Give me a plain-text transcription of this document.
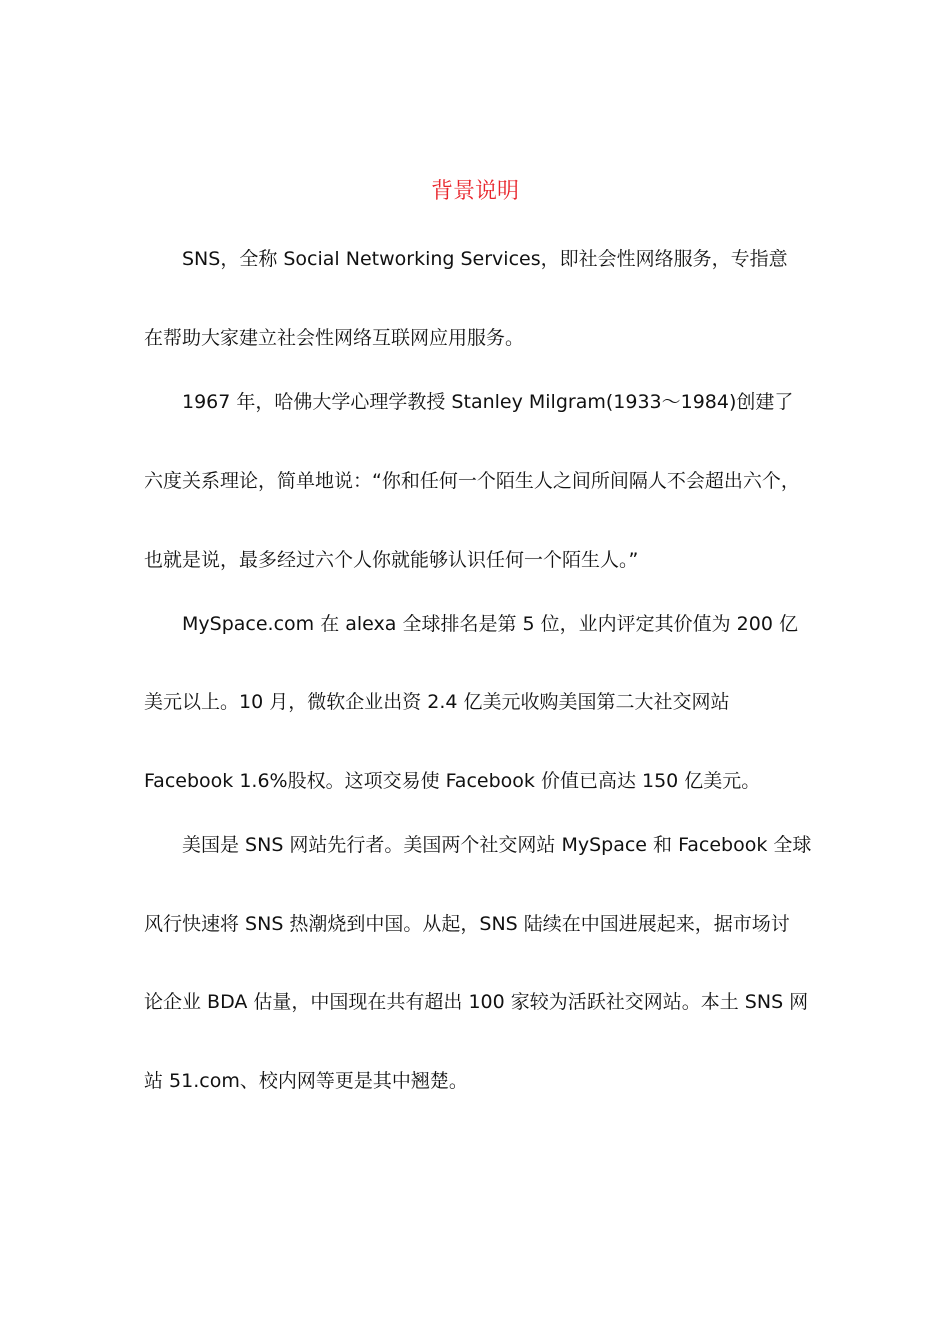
背景说明
SNS，全称 Social Networking Services，即社会性网络服务，专指意
在帮助大家建立社会性网络互联网应用服务。
1967 年，哈佛大学心理学教授 Stanley Milgram(1933～1984)创建了
六度关系理论，简单地说：“你和任何一个陌生人之间所间隔人不会超出六个，
也就是说，最多经过六个人你就能够认识任何一个陌生人。”
MySpace.com 在 alexa 全球排名是第 5 位，业内评定其价值为 200 亿
美元以上。10 月，微软企业出资 2.4 亿美元收购美国第二大社交网站
Facebook 1.6%股权。这项交易使 Facebook 价值已高达 150 亿美元。
美国是 SNS 网站先行者。美国两个社交网站 MySpace 和 Facebook 全球
风行快速将 SNS 热潮烧到中国。从起，SNS 陆续在中国进展起来，据市场讨
论企业 BDA 估量，中国现在共有超出 100 家较为活跃社交网站。本土 SNS 网
站 51.com、校内网等更是其中翘楚。
